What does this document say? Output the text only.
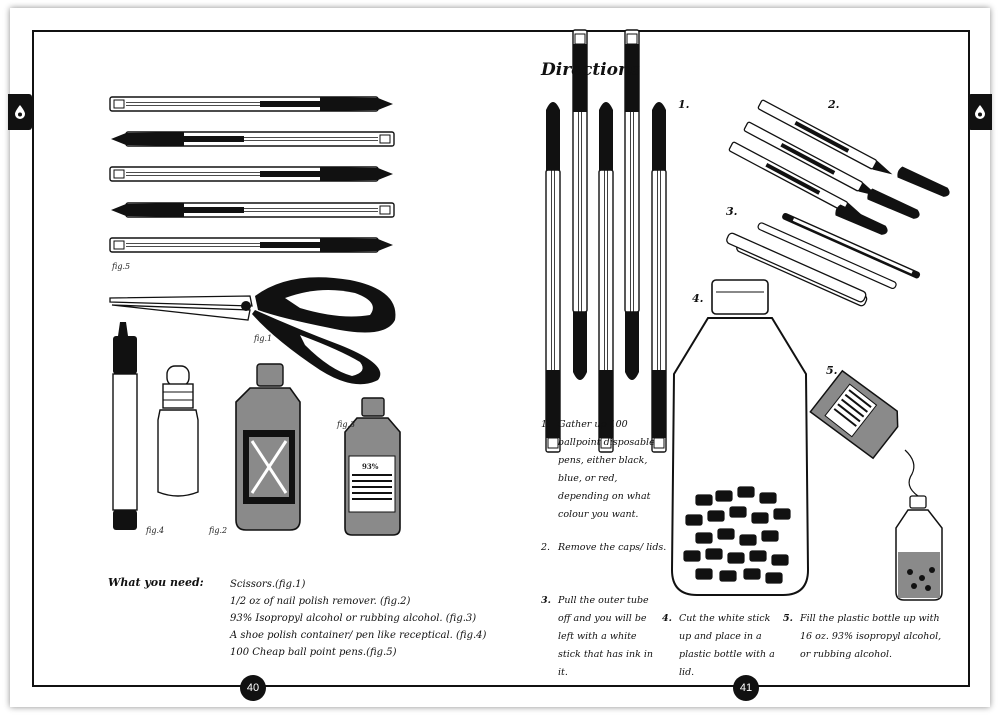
fig.5
fig.1
fig.3
fig.4	fig.2
93%
What you need:	Scissors.(fig.1)
1/2 oz of nail polish remover. (fig.2)
93% Isopropyl alcohol or rubbing alcohol. (fig.3)
A shoe polish container/ pen like receptical. (fig.4)
100 Cheap ball point pens.(fig.5)
Directions
1.	2.
3.
4.
5.
1. Gather up 100 ballpoint disposable pens, either black, blue, or red, depending on what colour you want.
2. Remove the caps/ lids.
3. Pull the outer tube off and you will be left with a white stick that has ink in it.
4. Cut the white stick up and place in a plastic bottle with a lid.
5. Fill the plastic bottle up with 16 oz. 93% isopropyl alcohol, or rubbing alcohol.
40	41
